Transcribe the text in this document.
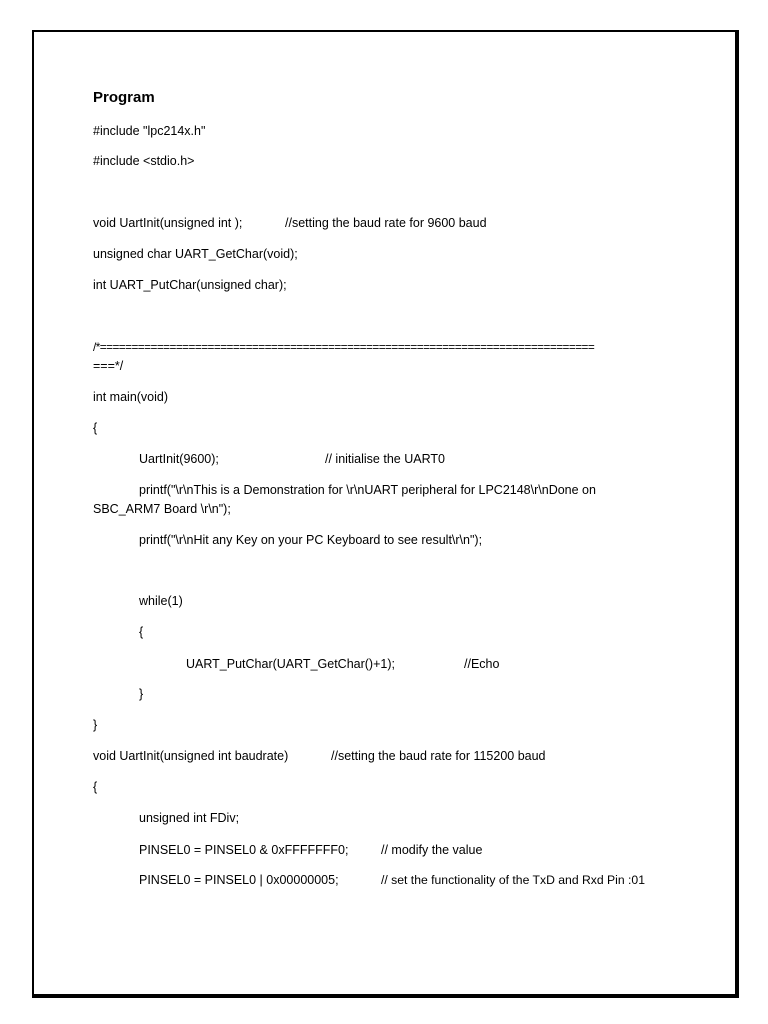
Program
#include "lpc214x.h"
#include <stdio.h>
void UartInit(unsigned int );	//setting the baud rate for 9600 baud
unsigned char UART_GetChar(void);
int UART_PutChar(unsigned char);
/*==============================================================================
===*/
int main(void)
{
UartInit(9600);	// initialise the UART0
printf("\r\nThis is a Demonstration for \r\nUART peripheral for LPC2148\r\nDone on
SBC_ARM7 Board \r\n");
printf("\r\nHit any Key on your PC Keyboard to see result\r\n");
while(1)
{
UART_PutChar(UART_GetChar()+1);	//Echo
}
}
void UartInit(unsigned int baudrate)	//setting the baud rate for 115200 baud
{
unsigned int FDiv;
PINSEL0 = PINSEL0 & 0xFFFFFFF0;	// modify the value
PINSEL0 = PINSEL0 | 0x00000005;	// set the functionality of the TxD and Rxd Pin :01
